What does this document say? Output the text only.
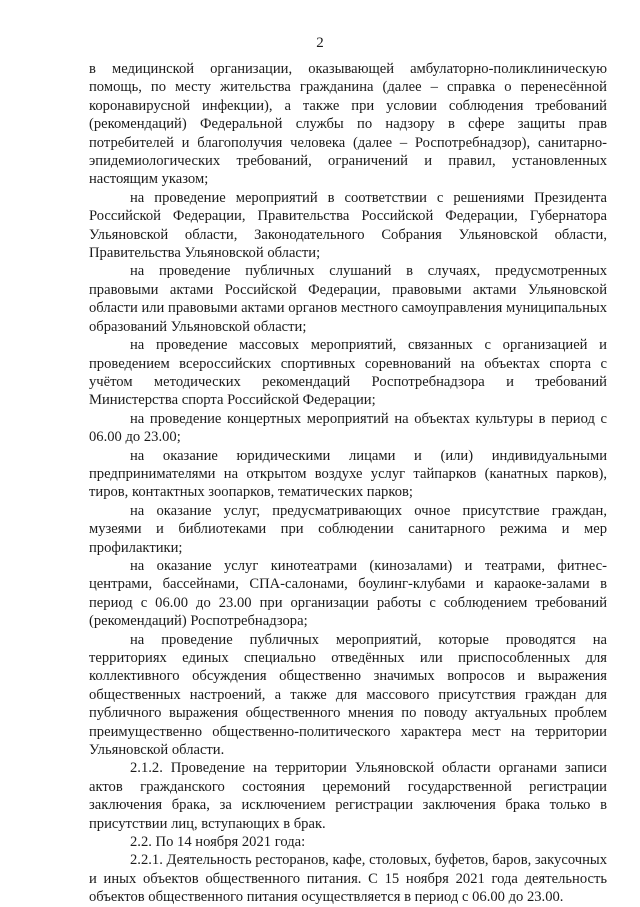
2

в медицинской организации, оказывающей амбулаторно-поликлиническую помощь, по месту жительства гражданина (далее – справка о перенесённой коронавирусной инфекции), а также при условии соблюдения требований (рекомендаций) Федеральной службы по надзору в сфере защиты прав потребителей и благополучия человека (далее – Роспотребнадзор), санитарно-эпидемиологических требований, ограничений и правил, установленных настоящим указом;

на проведение мероприятий в соответствии с решениями Президента Российской Федерации, Правительства Российской Федерации, Губернатора Ульяновской области, Законодательного Собрания Ульяновской области, Правительства Ульяновской области;

на проведение публичных слушаний в случаях, предусмотренных правовыми актами Российской Федерации, правовыми актами Ульяновской области или правовыми актами органов местного самоуправления муниципальных образований Ульяновской области;

на проведение массовых мероприятий, связанных с организацией и проведением всероссийских спортивных соревнований на объектах спорта с учётом методических рекомендаций Роспотребнадзора и требований Министерства спорта Российской Федерации;

на проведение концертных мероприятий на объектах культуры в период с 06.00 до 23.00;

на оказание юридическими лицами и (или) индивидуальными предпринимателями на открытом воздухе услуг тайпарков (канатных парков), тиров, контактных зоопарков, тематических парков;

на оказание услуг, предусматривающих очное присутствие граждан, музеями и библиотеками при соблюдении санитарного режима и мер профилактики;

на оказание услуг кинотеатрами (кинозалами) и театрами, фитнес-центрами, бассейнами, СПА-салонами, боулинг-клубами и караоке-залами в период с 06.00 до 23.00 при организации работы с соблюдением требований (рекомендаций) Роспотребнадзора;

на проведение публичных мероприятий, которые проводятся на территориях единых специально отведённых или приспособленных для коллективного обсуждения общественно значимых вопросов и выражения общественных настроений, а также для массового присутствия граждан для публичного выражения общественного мнения по поводу актуальных проблем преимущественно общественно-политического характера мест на территории Ульяновской области.

2.1.2. Проведение на территории Ульяновской области органами записи актов гражданского состояния церемоний государственной регистрации заключения брака, за исключением регистрации заключения брака только в присутствии лиц, вступающих в брак.

2.2. По 14 ноября 2021 года:

2.2.1. Деятельность ресторанов, кафе, столовых, буфетов, баров, закусочных и иных объектов общественного питания. С 15 ноября 2021 года деятельность объектов общественного питания осуществляется в период с 06.00 до 23.00.
